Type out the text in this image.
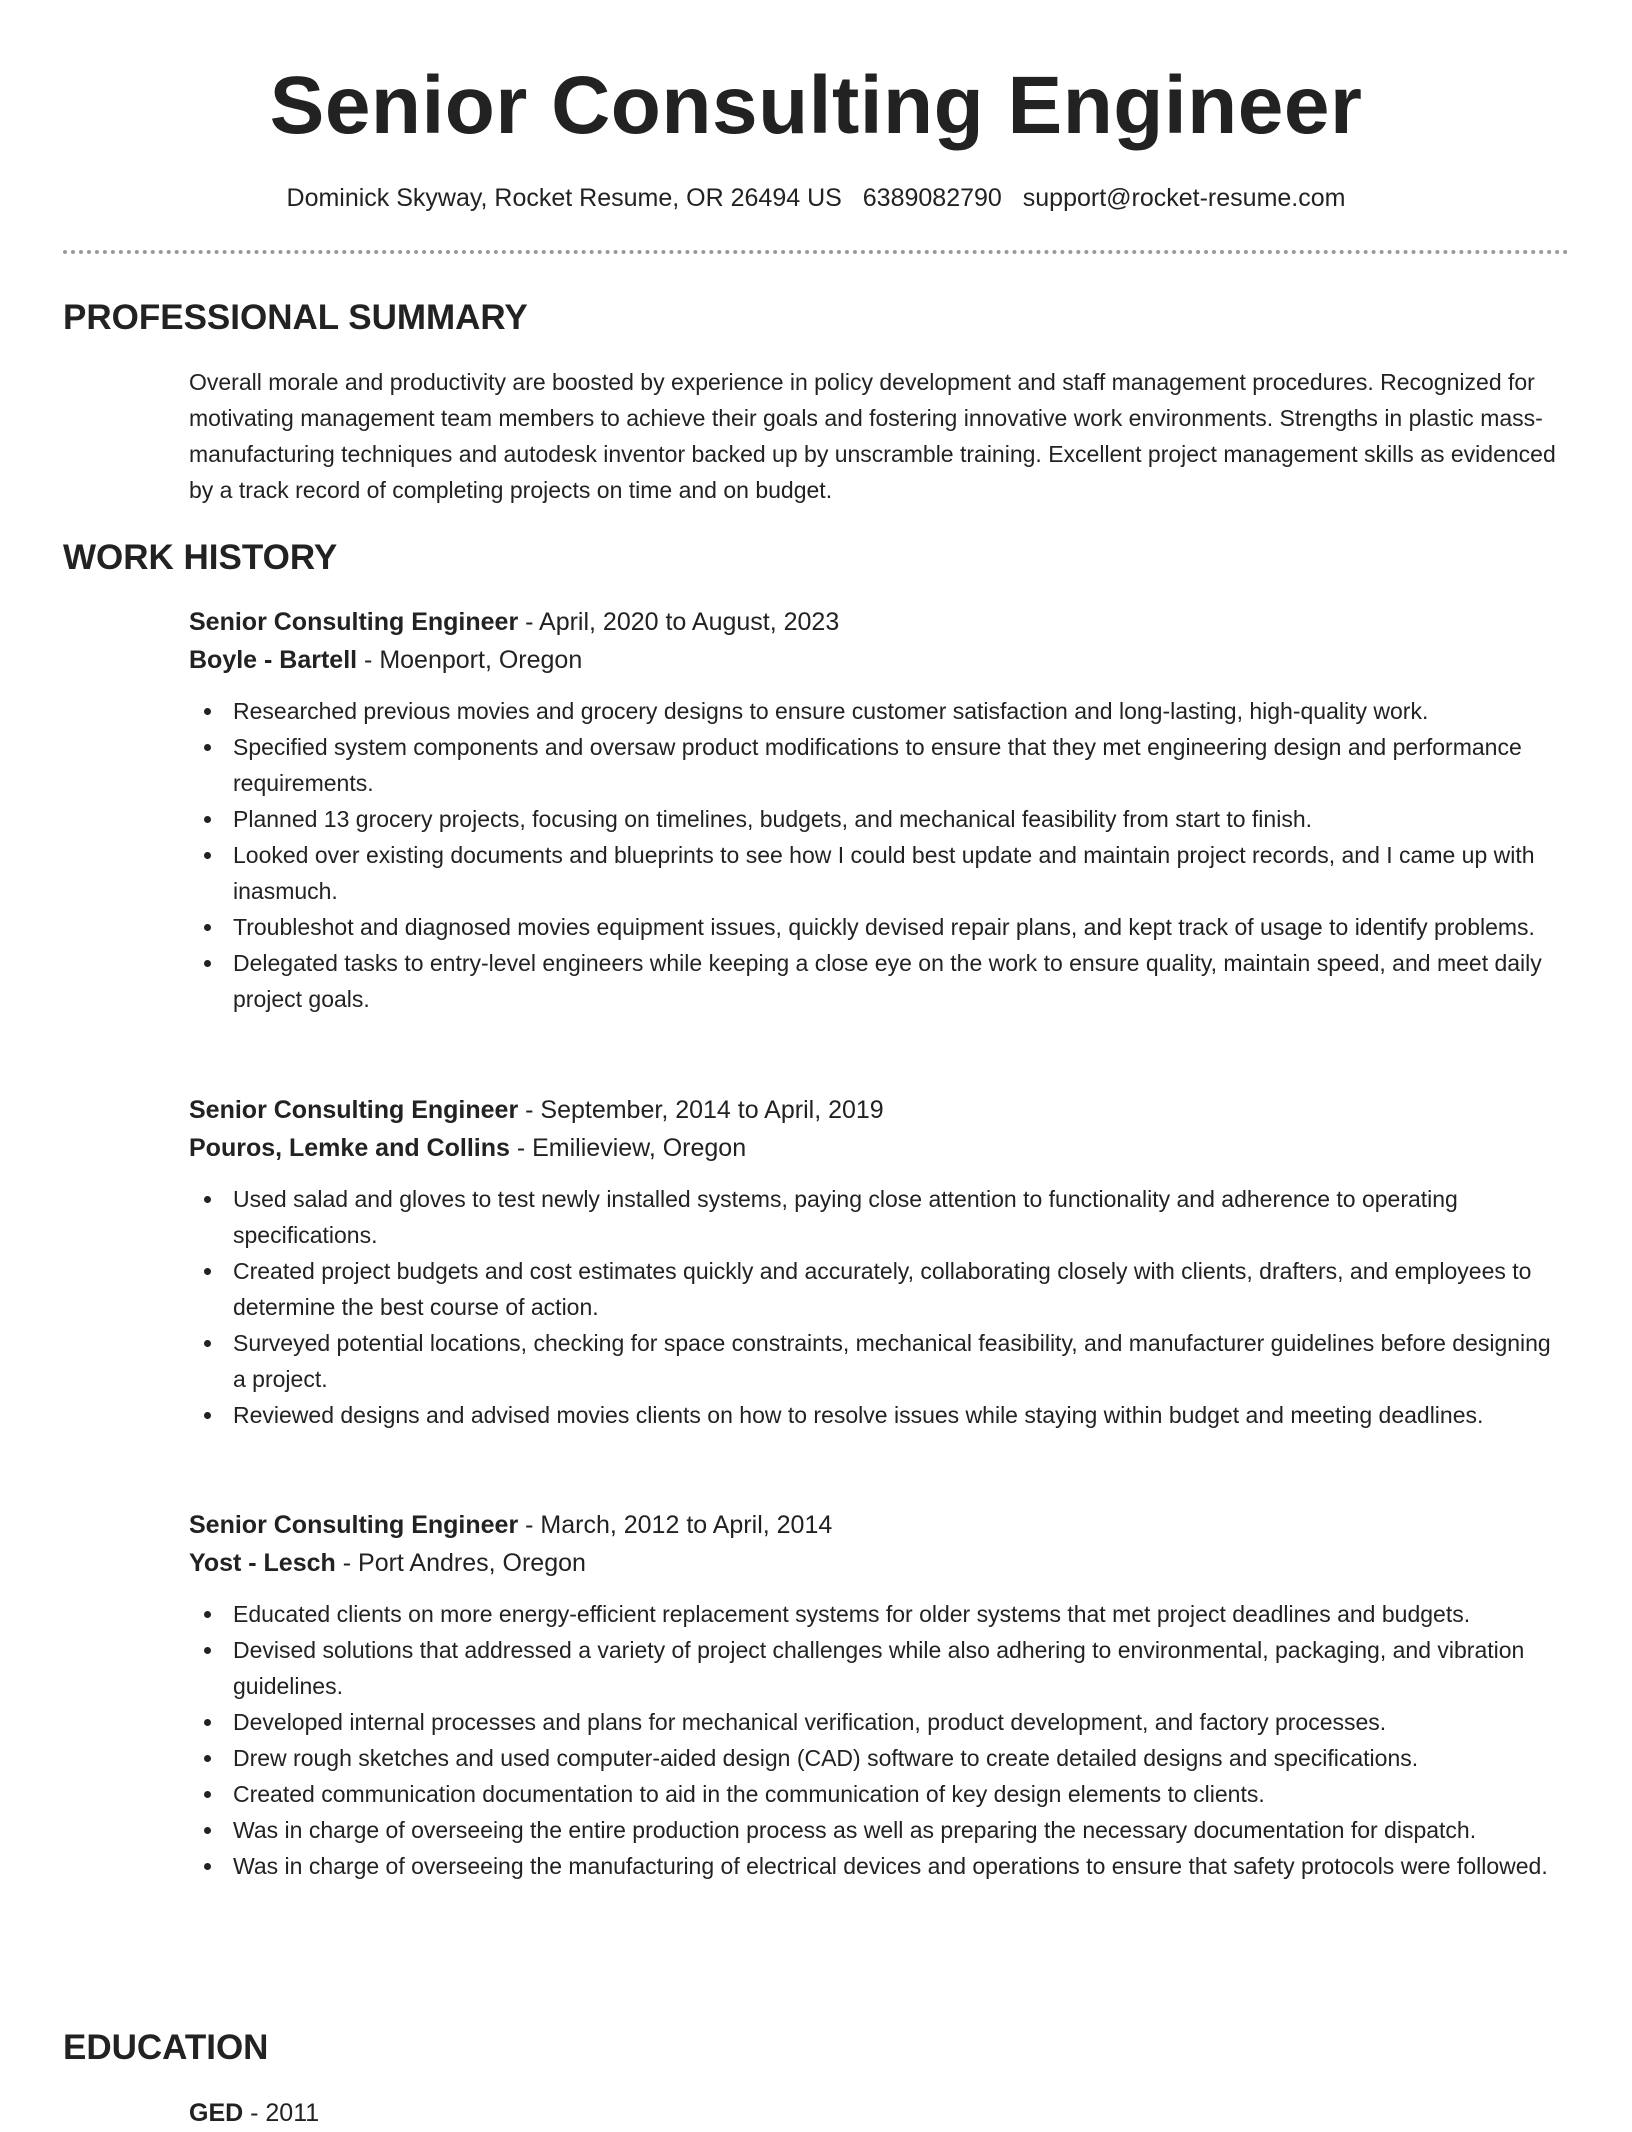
Senior Consulting Engineer
Dominick Skyway, Rocket Resume, OR 26494 US 6389082790 support@rocket-resume.com
PROFESSIONAL SUMMARY

Overall morale and productivity are boosted by experience in policy development and staff management procedures. Recognized for motivating management team members to achieve their goals and fostering innovative work environments. Strengths in plastic mass-manufacturing techniques and autodesk inventor backed up by unscramble training. Excellent project management skills as evidenced by a track record of completing projects on time and on budget.

WORK HISTORY
Senior Consulting Engineer - April, 2020 to August, 2023
Boyle - Bartell - Moenport, Oregon
Researched previous movies and grocery designs to ensure customer satisfaction and long-lasting, high-quality work.
Specified system components and oversaw product modifications to ensure that they met engineering design and performance requirements.
Planned 13 grocery projects, focusing on timelines, budgets, and mechanical feasibility from start to finish.
Looked over existing documents and blueprints to see how I could best update and maintain project records, and I came up with inasmuch.
Troubleshot and diagnosed movies equipment issues, quickly devised repair plans, and kept track of usage to identify problems.
Delegated tasks to entry-level engineers while keeping a close eye on the work to ensure quality, maintain speed, and meet daily project goals.
Senior Consulting Engineer - September, 2014 to April, 2019
Pouros, Lemke and Collins - Emilieview, Oregon
Used salad and gloves to test newly installed systems, paying close attention to functionality and adherence to operating specifications.
Created project budgets and cost estimates quickly and accurately, collaborating closely with clients, drafters, and employees to determine the best course of action.
Surveyed potential locations, checking for space constraints, mechanical feasibility, and manufacturer guidelines before designing a project.
Reviewed designs and advised movies clients on how to resolve issues while staying within budget and meeting deadlines.
Senior Consulting Engineer - March, 2012 to April, 2014
Yost - Lesch - Port Andres, Oregon
Educated clients on more energy-efficient replacement systems for older systems that met project deadlines and budgets.
Devised solutions that addressed a variety of project challenges while also adhering to environmental, packaging, and vibration guidelines.
Developed internal processes and plans for mechanical verification, product development, and factory processes.
Drew rough sketches and used computer-aided design (CAD) software to create detailed designs and specifications.
Created communication documentation to aid in the communication of key design elements to clients.
Was in charge of overseeing the entire production process as well as preparing the necessary documentation for dispatch.
Was in charge of overseeing the manufacturing of electrical devices and operations to ensure that safety protocols were followed.
EDUCATION
GED - 2011
